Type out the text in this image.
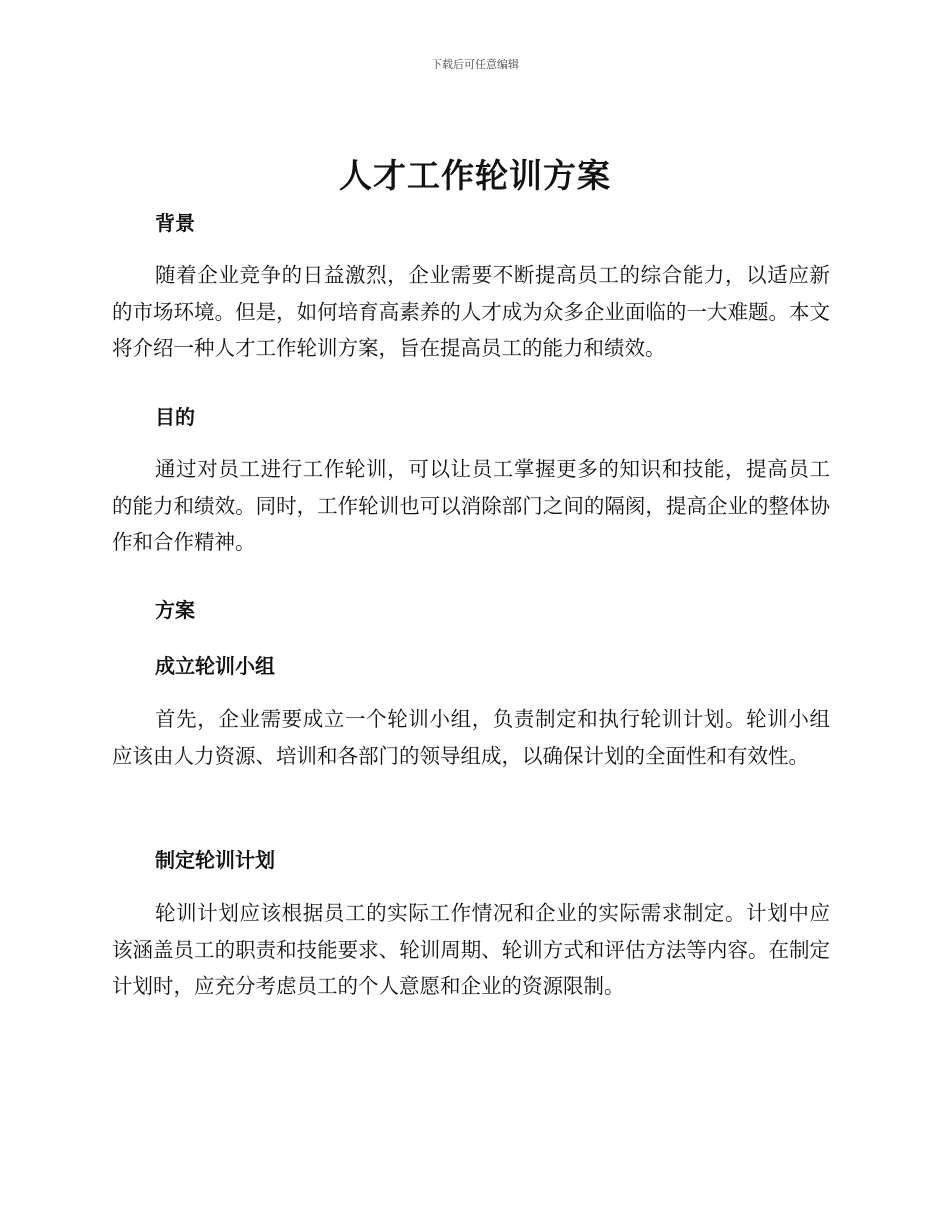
下载后可任意编辑
人才工作轮训方案
背景

随着企业竞争的日益激烈，企业需要不断提高员工的综合能力，以适应新的市场环境。但是，如何培育高素养的人才成为众多企业面临的一大难题。本文将介绍一种人才工作轮训方案，旨在提高员工的能力和绩效。

目的

通过对员工进行工作轮训，可以让员工掌握更多的知识和技能，提高员工的能力和绩效。同时，工作轮训也可以消除部门之间的隔阂，提高企业的整体协作和合作精神。

方案
成立轮训小组

首先，企业需要成立一个轮训小组，负责制定和执行轮训计划。轮训小组应该由人力资源、培训和各部门的领导组成，以确保计划的全面性和有效性。

制定轮训计划

轮训计划应该根据员工的实际工作情况和企业的实际需求制定。计划中应该涵盖员工的职责和技能要求、轮训周期、轮训方式和评估方法等内容。在制定计划时，应充分考虑员工的个人意愿和企业的资源限制。
